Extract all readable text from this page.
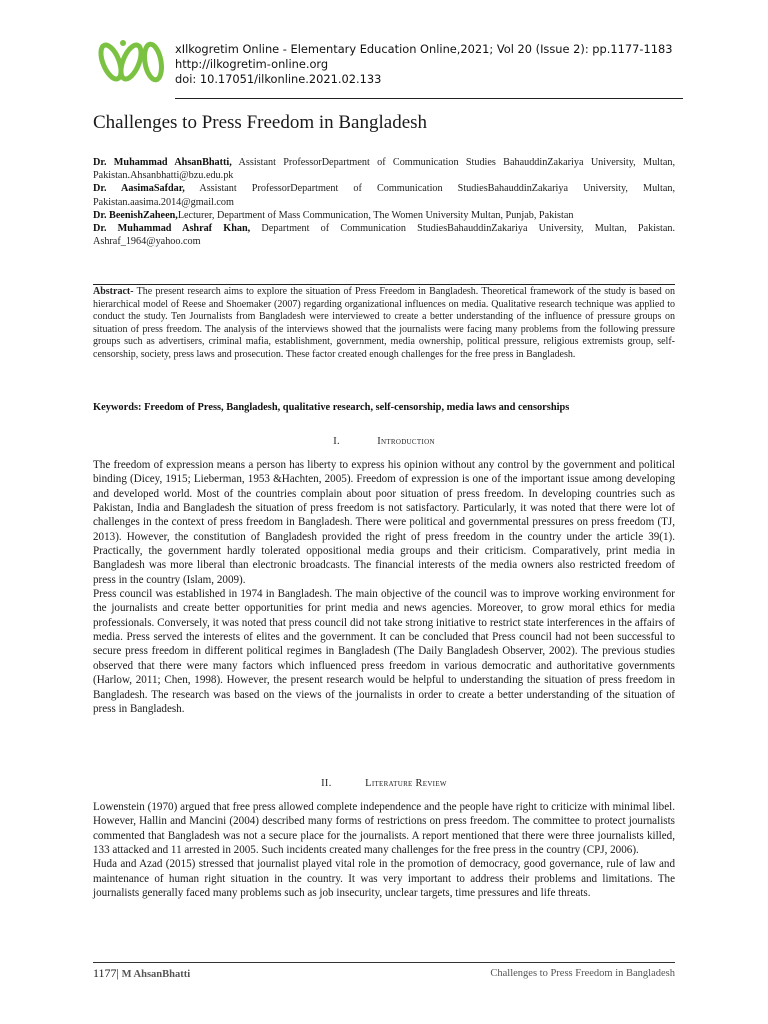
xIlkogretim Online - Elementary Education Online,2021; Vol 20 (Issue 2): pp.1177-1183
http://ilkogretim-online.org
doi: 10.17051/ilkonline.2021.02.133
Challenges to Press Freedom in Bangladesh

Dr. Muhammad AhsanBhatti, Assistant ProfessorDepartment of Communication Studies BahauddinZakariya University, Multan, Pakistan.Ahsanbhatti@bzu.edu.pk

Dr. AasimaSafdar, Assistant ProfessorDepartment of Communication StudiesBahauddinZakariya University, Multan, Pakistan.aasima.2014@gmail.com

Dr. BeenishZaheen,Lecturer, Department of Mass Communication, The Women University Multan, Punjab, Pakistan

Dr. Muhammad Ashraf Khan, Department of Communication StudiesBahauddinZakariya University, Multan, Pakistan. Ashraf_1964@yahoo.com

Abstract- The present research aims to explore the situation of Press Freedom in Bangladesh. Theoretical framework of the study is based on hierarchical model of Reese and Shoemaker (2007) regarding organizational influences on media. Qualitative research technique was applied to conduct the study. Ten Journalists from Bangladesh were interviewed to create a better understanding of the influence of pressure groups on situation of press freedom. The analysis of the interviews showed that the journalists were facing many problems from the following pressure groups such as advertisers, criminal mafia, establishment, government, media ownership, political pressure, religious extremists group, self-censorship, society, press laws and prosecution. These factor created enough challenges for the free press in Bangladesh.

Keywords: Freedom of Press, Bangladesh, qualitative research, self-censorship, media laws and censorships
I.	Introduction

The freedom of expression means a person has liberty to express his opinion without any control by the government and political binding (Dicey, 1915; Lieberman, 1953 &Hachten, 2005). Freedom of expression is one of the important issue among developing and developed world. Most of the countries complain about poor situation of press freedom. In developing countries such as Pakistan, India and Bangladesh the situation of press freedom is not satisfactory. Particularly, it was noted that there were lot of challenges in the context of press freedom in Bangladesh. There were political and governmental pressures on press freedom (TJ, 2013). However, the constitution of Bangladesh provided the right of press freedom in the country under the article 39(1). Practically, the government hardly tolerated oppositional media groups and their criticism. Comparatively, print media in Bangladesh was more liberal than electronic broadcasts. The financial interests of the media owners also restricted freedom of press in the country (Islam, 2009).

Press council was established in 1974 in Bangladesh. The main objective of the council was to improve working environment for the journalists and create better opportunities for print media and news agencies. Moreover, to grow moral ethics for media professionals. Conversely, it was noted that press council did not take strong initiative to restrict state interferences in the affairs of media. Press served the interests of elites and the government. It can be concluded that Press council had not been successful to secure press freedom in different political regimes in Bangladesh (The Daily Bangladesh Observer, 2002). The previous studies observed that there were many factors which influenced press freedom in various democratic and authoritative governments (Harlow, 2011; Chen, 1998). However, the present research would be helpful to understanding the situation of press freedom in Bangladesh. The research was based on the views of the journalists in order to create a better understanding of the situation of press in Bangladesh.

II.	Literature Review

Lowenstein (1970) argued that free press allowed complete independence and the people have right to criticize with minimal libel. However, Hallin and Mancini (2004) described many forms of restrictions on press freedom. The committee to protect journalists commented that Bangladesh was not a secure place for the journalists. A report mentioned that there were three journalists killed, 133 attacked and 11 arrested in 2005. Such incidents created many challenges for the free press in the country (CPJ, 2006).

Huda and Azad (2015) stressed that journalist played vital role in the promotion of democracy, good governance, rule of law and maintenance of human right situation in the country. It was very important to address their problems and limitations. The journalists generally faced many problems such as job insecurity, unclear targets, time pressures and life threats.

1177| M AhsanBhatti	Challenges to Press Freedom in Bangladesh
